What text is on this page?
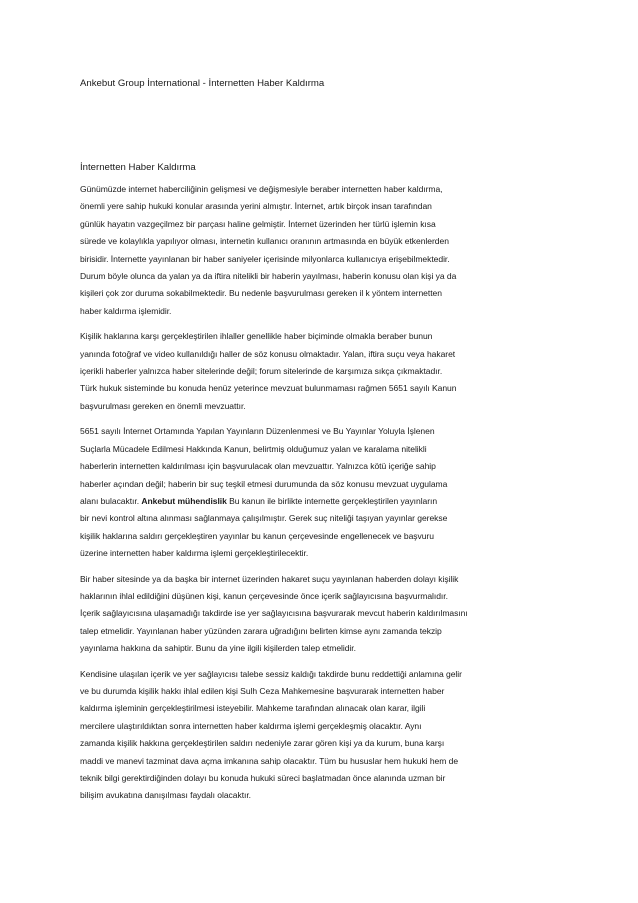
Ankebut Group İnternational - İnternetten Haber Kaldırma
İnternetten Haber Kaldırma

Günümüzde internet haberciliğinin gelişmesi ve değişmesiyle beraber internetten haber kaldırma,
önemli yere sahip hukuki konular arasında yerini almıştır. İnternet, artık birçok insan tarafından
günlük hayatın vazgeçilmez bir parçası haline gelmiştir. İnternet üzerinden her türlü işlemin kısa
sürede ve kolaylıkla yapılıyor olması, internetin kullanıcı oranının artmasında en büyük etkenlerden
birisidir. İnternette yayınlanan bir haber saniyeler içerisinde milyonlarca kullanıcıya erişebilmektedir.
Durum böyle olunca da yalan ya da iftira nitelikli bir haberin yayılması, haberin konusu olan kişi ya da
kişileri çok zor duruma sokabilmektedir. Bu nedenle başvurulması gereken il k yöntem internetten
haber kaldırma işlemidir.

Kişilik haklarına karşı gerçekleştirilen ihlaller genellikle haber biçiminde olmakla beraber bunun
yanında fotoğraf ve video kullanıldığı haller de söz konusu olmaktadır. Yalan, iftira suçu veya hakaret
içerikli haberler yalnızca haber sitelerinde değil; forum sitelerinde de karşımıza sıkça çıkmaktadır.
Türk hukuk sisteminde bu konuda henüz yeterince mevzuat bulunmaması rağmen 5651 sayılı Kanun
başvurulması gereken en önemli mevzuattır.

5651 sayılı İnternet Ortamında Yapılan Yayınların Düzenlenmesi ve Bu Yayınlar Yoluyla İşlenen
Suçlarla Mücadele Edilmesi Hakkında Kanun, belirtmiş olduğumuz yalan ve karalama nitelikli
haberlerin internetten kaldırılması için başvurulacak olan mevzuattır. Yalnızca kötü içeriğe sahip
haberler açından değil; haberin bir suç teşkil etmesi durumunda da söz konusu mevzuat uygulama
alanı bulacaktır. Ankebut mühendislik Bu kanun ile birlikte internette gerçekleştirilen yayınların
bir nevi kontrol altına alınması sağlanmaya çalışılmıştır. Gerek suç niteliği taşıyan yayınlar gerekse
kişilik haklarına saldırı gerçekleştiren yayınlar bu kanun çerçevesinde engellenecek ve başvuru
üzerine internetten haber kaldırma işlemi gerçekleştirilecektir.

Bir haber sitesinde ya da başka bir internet üzerinden hakaret suçu yayınlanan haberden dolayı kişilik
haklarının ihlal edildiğini düşünen kişi, kanun çerçevesinde önce içerik sağlayıcısına başvurmalıdır.
İçerik sağlayıcısına ulaşamadığı takdirde ise yer sağlayıcısına başvurarak mevcut haberin kaldırılmasını
talep etmelidir. Yayınlanan haber yüzünden zarara uğradığını belirten kimse aynı zamanda tekzip
yayınlama hakkına da sahiptir. Bunu da yine ilgili kişilerden talep etmelidir.

Kendisine ulaşılan içerik ve yer sağlayıcısı talebe sessiz kaldığı takdirde bunu reddettiği anlamına gelir
ve bu durumda kişilik hakkı ihlal edilen kişi Sulh Ceza Mahkemesine başvurarak internetten haber
kaldırma işleminin gerçekleştirilmesi isteyebilir. Mahkeme tarafından alınacak olan karar, ilgili
mercilere ulaştırıldıktan sonra internetten haber kaldırma işlemi gerçekleşmiş olacaktır. Aynı
zamanda kişilik hakkına gerçekleştirilen saldırı nedeniyle zarar gören kişi ya da kurum, buna karşı
maddi ve manevi tazminat dava açma imkanına sahip olacaktır. Tüm bu hususlar hem hukuki hem de
teknik bilgi gerektirdiğinden dolayı bu konuda hukuki süreci başlatmadan önce alanında uzman bir
bilişim avukatına danışılması faydalı olacaktır.
